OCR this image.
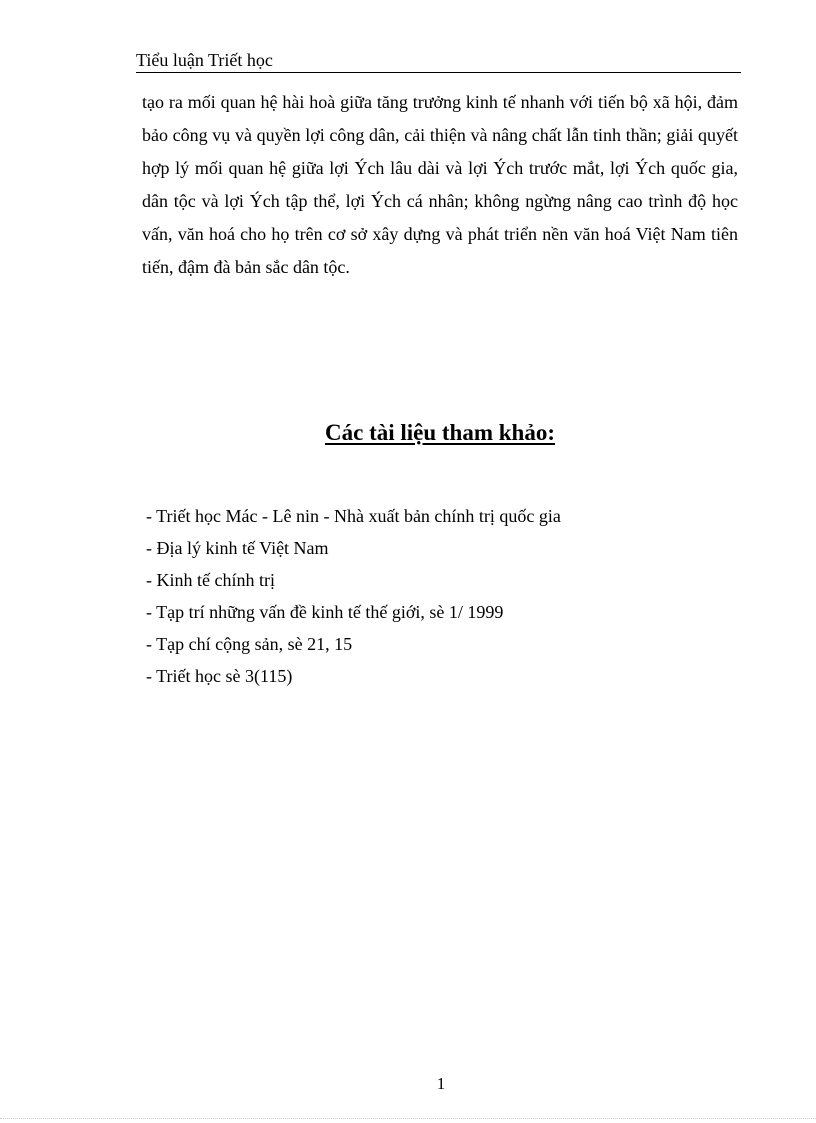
Tiểu luận Triết học

tạo ra mối quan hệ hài hoà giữa tăng trưởng kinh tế nhanh với tiến bộ xã hội, đảm bảo công vụ và quyền lợi công dân, cải thiện và nâng chất lẫn tinh thần; giải quyết hợp lý mối quan hệ giữa lợi Ých lâu dài và lợi Ých trước mắt, lợi Ých quốc gia, dân tộc và lợi Ých tập thể, lợi Ých cá nhân; không ngừng nâng cao trình độ học vấn, văn hoá cho họ trên cơ sở xây dựng và phát triển nền văn hoá Việt Nam tiên tiến, đậm đà bản sắc dân tộc.

Các tài liệu tham khảo:
- Triết học Mác - Lê nin - Nhà xuất bản chính trị quốc gia
- Địa lý kinh tế Việt Nam
- Kinh tế chính trị
- Tạp trí những vấn đề kinh tế thế giới, sè 1/ 1999
- Tạp chí cộng sản, sè 21, 15
- Triết học sè 3(115)
1
